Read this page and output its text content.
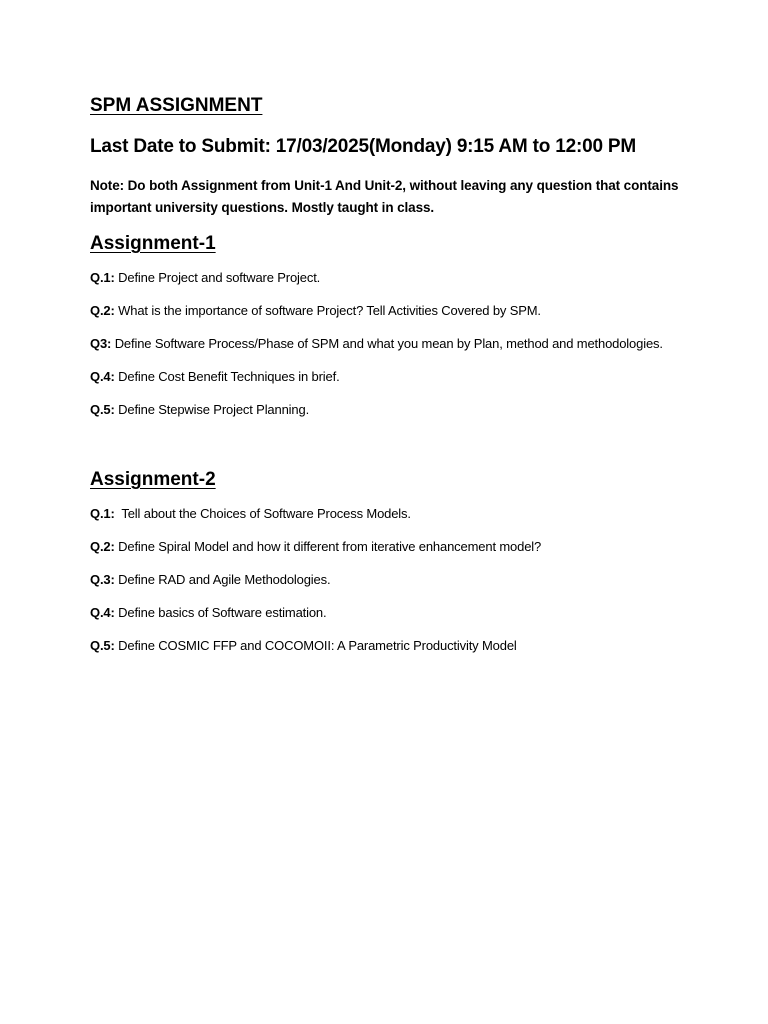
SPM ASSIGNMENT

Last Date to Submit: 17/03/2025(Monday) 9:15 AM to 12:00 PM

Note: Do both Assignment from Unit-1 And Unit-2, without leaving any question that contains important university questions. Mostly taught in class.

Assignment-1
Q.1: Define Project and software Project.
Q.2: What is the importance of software Project? Tell Activities Covered by SPM.
Q3: Define Software Process/Phase of SPM and what you mean by Plan, method and methodologies.
Q.4: Define Cost Benefit Techniques in brief.
Q.5: Define Stepwise Project Planning.
Assignment-2
Q.1:  Tell about the Choices of Software Process Models.
Q.2: Define Spiral Model and how it different from iterative enhancement model?
Q.3: Define RAD and Agile Methodologies.
Q.4: Define basics of Software estimation.
Q.5: Define COSMIC FFP and COCOMOII: A Parametric Productivity Model
